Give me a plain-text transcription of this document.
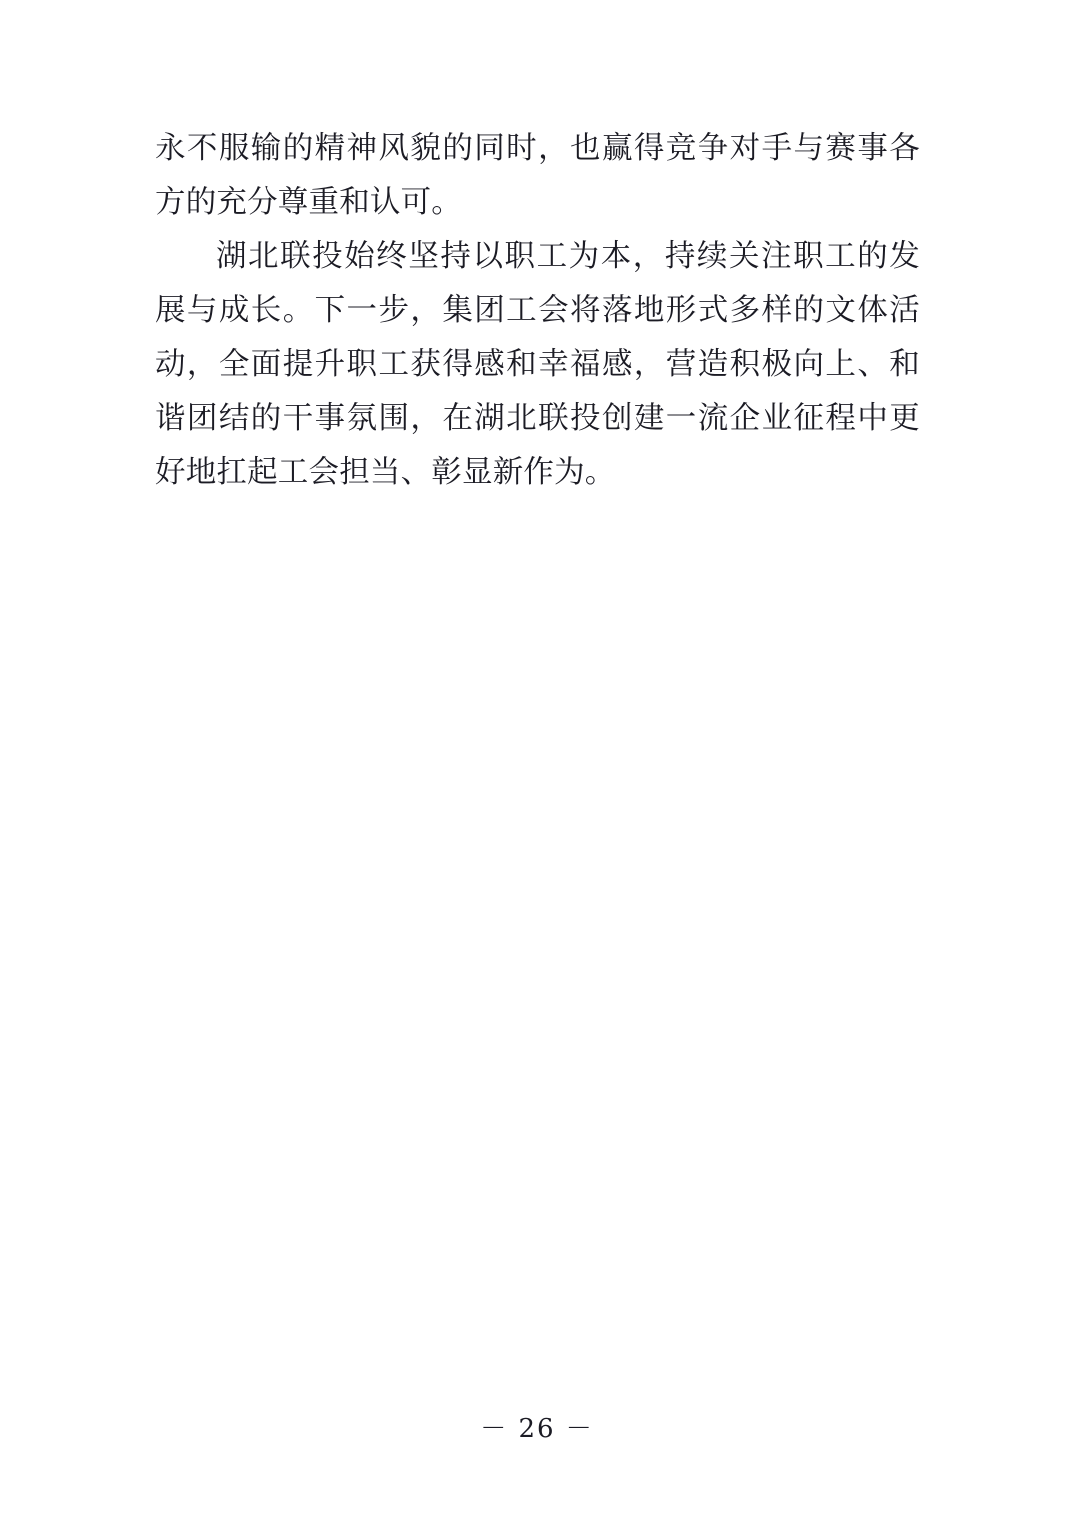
永不服输的精神风貌的同时，也赢得竞争对手与赛事各方的充分尊重和认可。

湖北联投始终坚持以职工为本，持续关注职工的发展与成长。下一步，集团工会将落地形式多样的文体活动，全面提升职工获得感和幸福感，营造积极向上、和谐团结的干事氛围，在湖北联投创建一流企业征程中更好地扛起工会担当、彰显新作为。

－ 26 －
